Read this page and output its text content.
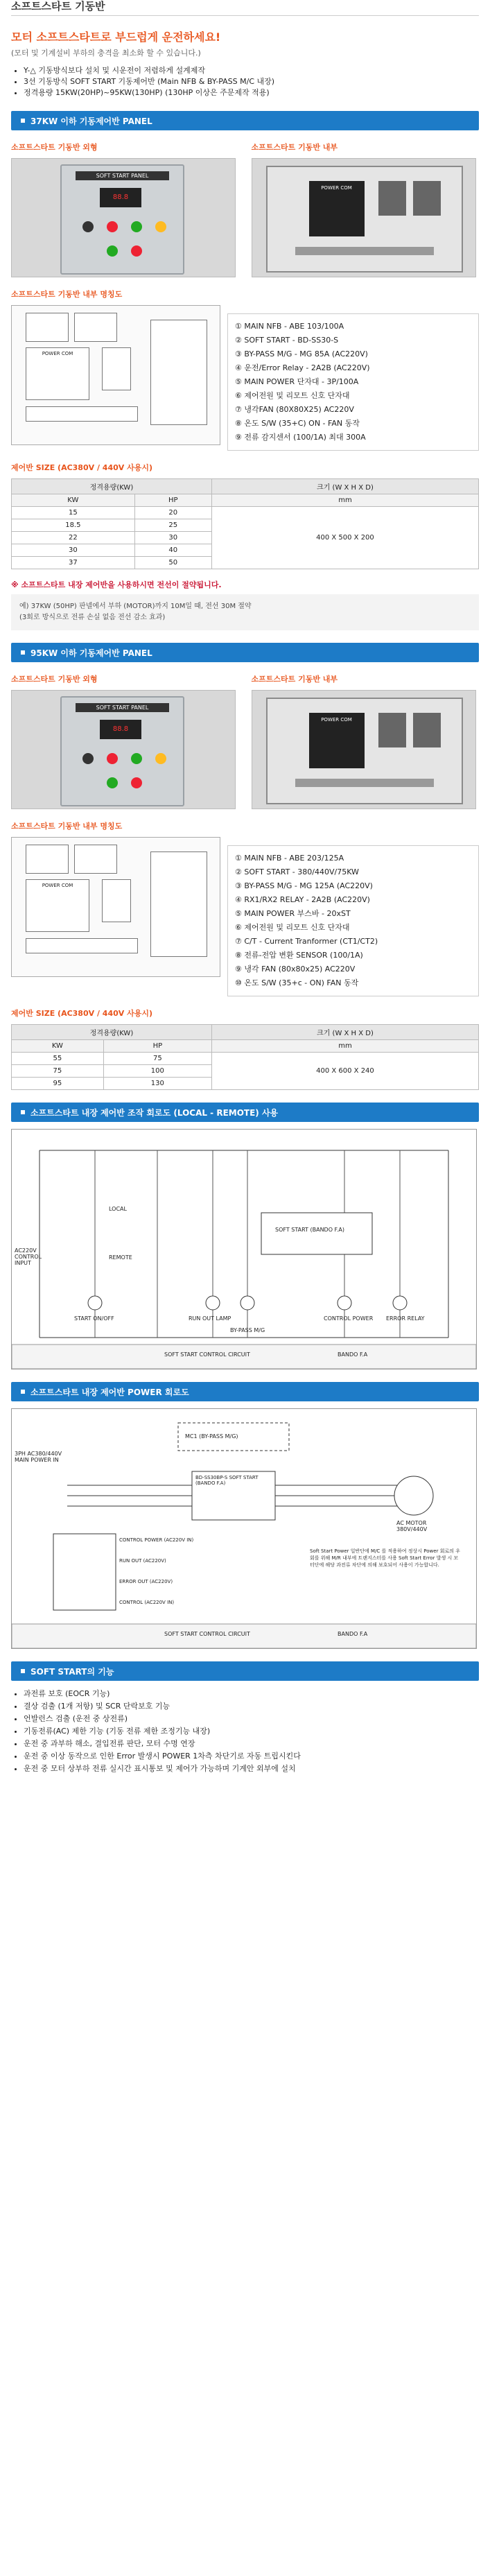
소프트스타트 기동반
모터 소프트스타트로 부드럽게 운전하세요!

(모터 및 기계설비 부하의 충격을 최소화 할 수 있습니다.)

• Y-△ 기동방식보다 설치 및 시운전이 저렴하게 설계제작
• 3선 기동방식 SOFT START 기동제어반 (Main NFB & BY-PASS M/C 내장)
• 정격용량 15KW(20HP)~95KW(130HP) (130HP 이상은 주문제작 적용)
37KW 이하 기동제어반 PANEL
소프트스타트 기동반 외형
SOFT START PANEL
88.8
소프트스타트 기동반 내부
POWER COM
소프트스타트 기동반 내부 명칭도
POWER COM
① MAIN NFB - ABE 103/100A
② SOFT START - BD-SS30-S
③ BY-PASS M/G - MG 85A (AC220V)
④ 운전/Error Relay - 2A2B (AC220V)
⑤ MAIN POWER 단자대 - 3P/100A
⑥ 제어전원 및 리모트 신호 단자대
⑦ 냉각FAN (80X80X25) AC220V
⑧ 온도 S/W (35+C) ON - FAN 동작
⑨ 전류 감지센서 (100/1A) 최대 300A
제어반 SIZE (AC380V / 440V 사용시)
정격용량(KW)		크기 (W X H X D)
KW	HP	mm
15	20	400 X 500 X 200
18.5	25	
22	30	
30	40	
37	50	
※ 소프트스타트 내장 제어반을 사용하시면 전선이 절약됩니다.
예) 37KW (50HP) 판넬에서 부하 (MOTOR)까지 10M일 때, 전선 30M 절약
(3회로 방식으로 전류 손실 없음 전선 감소 효과)
95KW 이하 기동제어반 PANEL
소프트스타트 기동반 외형
SOFT START PANEL
88.8
소프트스타트 기동반 내부
POWER COM
소프트스타트 기동반 내부 명칭도
POWER COM
① MAIN NFB - ABE 203/125A
② SOFT START - 380/440V/75KW
③ BY-PASS M/G - MG 125A (AC220V)
④ RX1/RX2 RELAY - 2A2B (AC220V)
⑤ MAIN POWER 부스바 - 20xST
⑥ 제어전원 및 리모트 신호 단자대
⑦ C/T - Current Tranformer (CT1/CT2)
⑧ 전류-전압 변환 SENSOR (100/1A)
⑨ 냉각 FAN (80x80x25) AC220V
⑩ 온도 S/W (35+c - ON) FAN 동작
제어반 SIZE (AC380V / 440V 사용시)
정격용량(KW)		크기 (W X H X D)
KW	HP	mm
55	75	400 X 600 X 240
75	100	
95	130	
소프트스타트 내장 제어반 조작 회로도 (LOCAL - REMOTE) 사용
AC220V CONTROL INPUT
START ON/OFF	RUN OUT LAMP
BY-PASS M/G
CONTROL POWER ERROR RELAY
SOFT START (BANDO F.A)
REMOTE
LOCAL
SOFT START CONTROL CIRCUIT	BANDO F.A
소프트스타트 내장 제어반 POWER 회로도
3PH AC380/440V MAIN POWER IN
BD-SS30BP-S SOFT START (BANDO F.A)
MC1 (BY-PASS M/G)
AC MOTOR 380V/440V
CONTROL POWER (AC220V IN)
RUN OUT (AC220V)
ERROR OUT (AC220V)
CONTROL (AC220V IN)
Soft Start Power 일반단에 M/C 를 적용하여 정상시 Power 회로의 우회를 위해 M/R 내부에 트랜지스터를 사용 Soft Start Error 발생 시 모터단에 해당 과전류 차단에 의해 보호되어 사용이 가능합니다.
SOFT START CONTROL CIRCUIT	BANDO F.A
SOFT START의 기능
• 과전류 보호 (EOCR 기능)
• 결상 검출 (1개 저항) 및 SCR 단락보호 기능
• 언발런스 검출 (운전 중 상전류)
• 기동전류(AC) 제한 기능 (기동 전류 제한 조정기능 내장)
• 운전 중 과부하 해소, 결입전류 판단, 모터 수명 연장
• 운전 중 이상 동작으로 인한 Error 발생시 POWER 1차측 차단기로 자동 트립시킨다
• 운전 중 모터 상부하 전류 실시간 표시통보 및 제어가 가능하며 기계안 외부에 설치
